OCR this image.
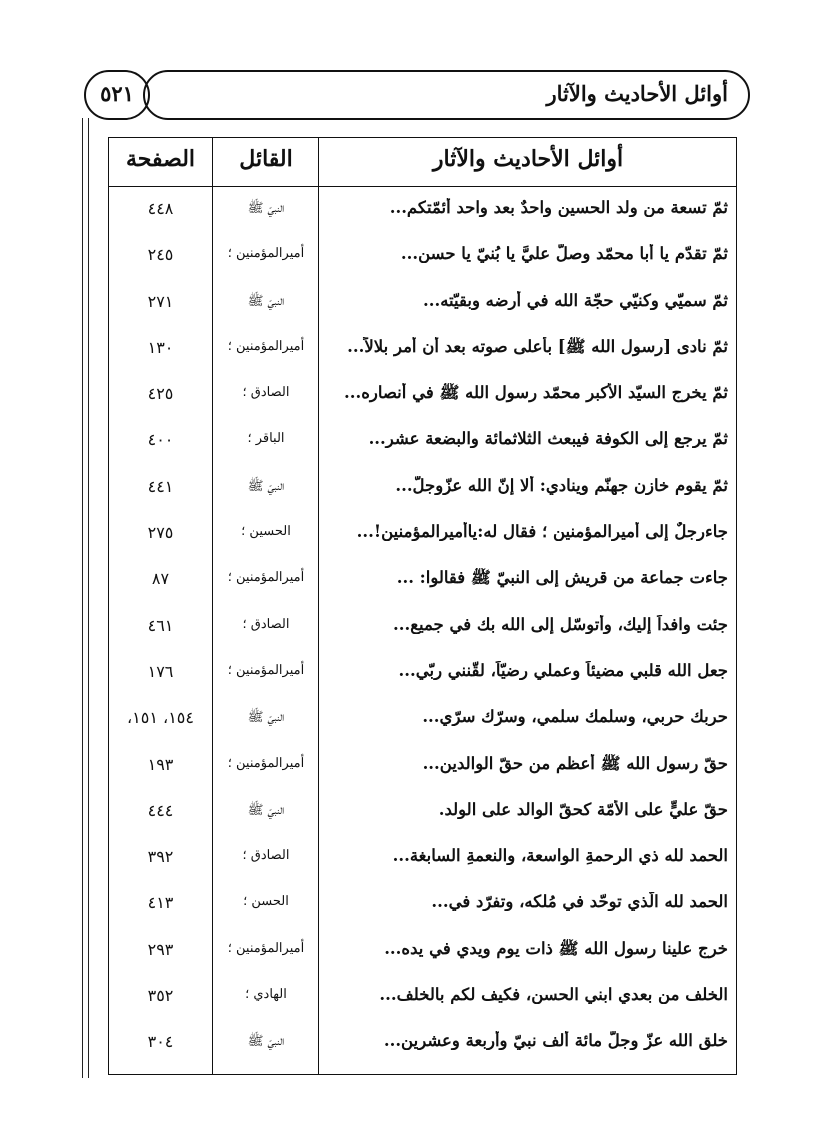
٥٢١	أوائل الأحاديث والآثار
أوائل الأحاديث والآثار
القائل
الصفحة
ثمّ تسعة من ولد الحسين واحدٌ بعد واحد أئمّتكم...
النبيّ ﷺ
٤٤٨
ثمّ تقدّم يا أبا محمّد وصلّ عليَّ يا بُنيّ يا حسن...
أميرالمؤمنين ؛
٢٤٥
ثمّ سميّي وكنيّي حجّة الله في أرضه وبقيّته...
النبيّ ﷺ
٢٧١
ثمّ نادى [رسول الله ﷺ] بأعلى صوته بعد أن أمر بلالاً...
أميرالمؤمنين ؛
١٣٠
ثمّ يخرج السيّد الأكبر محمّد رسول الله ﷺ في أنصاره...
الصادق ؛
٤٢٥
ثمّ يرجع إلى الكوفة فيبعث الثلاثمائة والبضعة عشر...
الباقر ؛
٤٠٠
ثمّ يقوم خازن جهنّم وينادي: ألا إنّ الله عزّوجلّ...
النبيّ ﷺ
٤٤١
جاءرجلٌ إلى أميرالمؤمنين ؛ فقال له:ياأميرالمؤمنين!...
الحسين ؛
٢٧٥
جاءت جماعة من قريش إلى النبيّ ﷺ فقالوا: ...
أميرالمؤمنين ؛
٨٧
جئت وافداً إليك، وأتوسّل إلى الله بك في جميع...
الصادق ؛
٤٦١
جعل الله قلبي مضيئاً وعملي رضيّاً، لقّنني ربّي...
أميرالمؤمنين ؛
١٧٦
حربك حربي، وسلمك سلمي، وسرّك سرّي...
النبيّ ﷺ
١٥٤، ١٥١،
حقّ رسول الله ﷺ أعظم من حقّ الوالدين...
أميرالمؤمنين ؛
١٩٣
حقّ عليٍّ على الأُمّة كحقّ الوالد على الولد.
النبيّ ﷺ
٤٤٤
الحمد لله ذي الرحمةِ الواسعة، والنعمةِ السابغة...
الصادق ؛
٣٩٢
الحمد لله الّذي توحّد في مُلكه، وتفرّد في...
الحسن ؛
٤١٣
خرج علينا رسول الله ﷺ ذات يوم ويدي في يده...
أميرالمؤمنين ؛
٢٩٣
الخلف من بعدي ابني الحسن، فكيف لكم بالخلف...
الهادي ؛
٣٥٢
خلق الله عزّ وجلّ مائة ألف نبيّ وأربعة وعشرين...
النبيّ ﷺ
٣٠٤
